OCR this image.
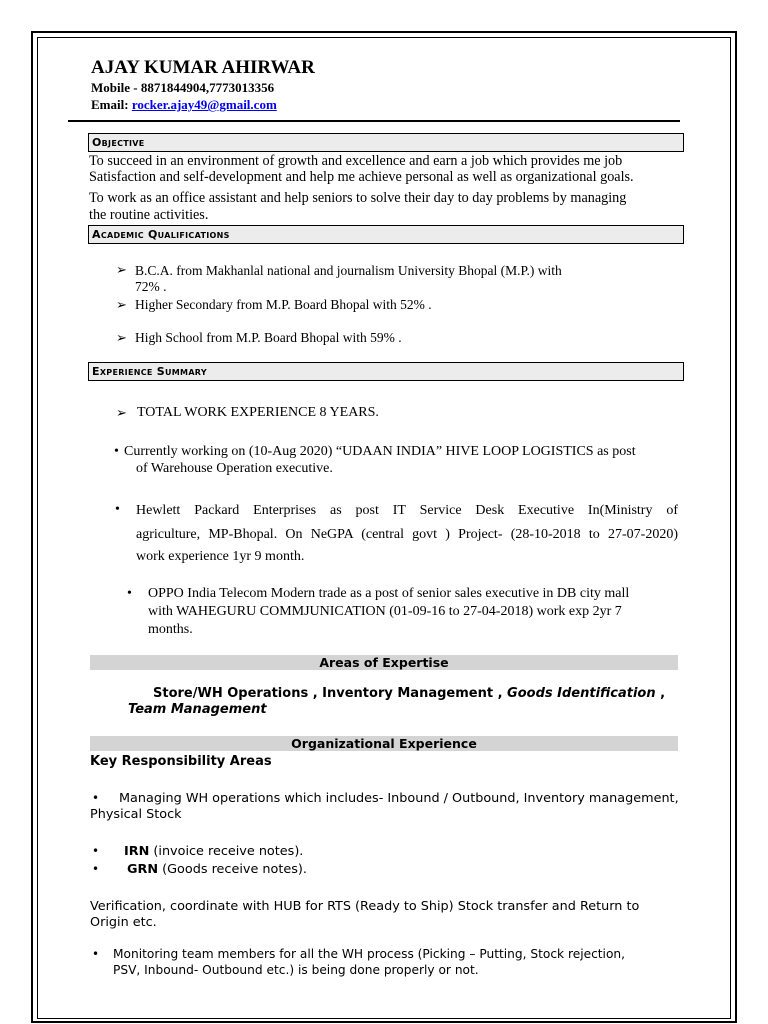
AJAY KUMAR AHIRWAR
Mobile - 8871844904,7773013356
Email: rocker.ajay49@gmail.com
Objective
To succeed in an environment of growth and excellence and earn a job which provides me job
Satisfaction and self-development and help me achieve personal as well as organizational goals.
To work as an office assistant and help seniors to solve their day to day problems by managing
the routine activities.
Academic Qualifications
➢ B.C.A. from Makhanlal national and journalism University Bhopal (M.P.) with
72% .
➢ Higher Secondary from M.P. Board Bhopal with 52% .
➢ High School from M.P. Board Bhopal with 59% .
Experience Summary
➢ TOTAL WORK EXPERIENCE 8 YEARS.
• Currently working on (10-Aug 2020) “UDAAN INDIA” HIVE LOOP LOGISTICS as post
of Warehouse Operation executive.
• Hewlett Packard Enterprises as post IT Service Desk Executive In(Ministry of
agriculture, MP-Bhopal. On NeGPA (central govt ) Project- (28-10-2018 to 27-07-2020)
work experience 1yr 9 month.
• OPPO India Telecom Modern trade as a post of senior sales executive in DB city mall
with WAHEGURU COMMJUNICATION (01-09-16 to 27-04-2018) work exp 2yr 7
months.
Areas of Expertise
Store/WH Operations , Inventory Management , Goods Identification ,
Team Management
Organizational Experience
Key Responsibility Areas
• Managing WH operations which includes- Inbound / Outbound, Inventory management,
Physical Stock
• IRN (invoice receive notes).
• GRN (Goods receive notes).
Verification, coordinate with HUB for RTS (Ready to Ship) Stock transfer and Return to
Origin etc.
• Monitoring team members for all the WH process (Picking – Putting, Stock rejection,
PSV, Inbound- Outbound etc.) is being done properly or not.
